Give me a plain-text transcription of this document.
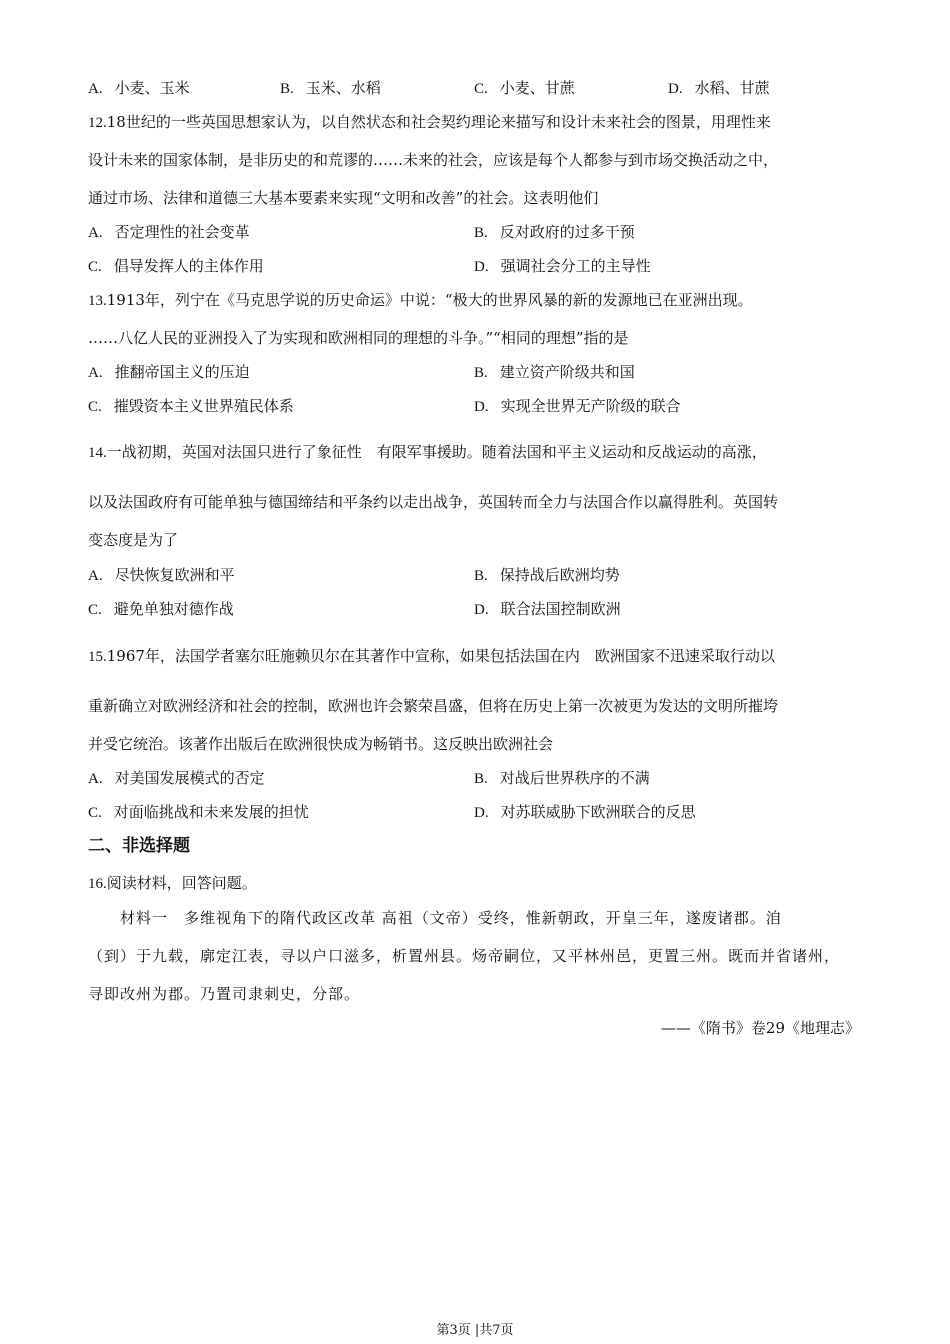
A. 小麦、玉米	B. 玉米、水稻	C. 小麦、甘蔗	D. 水稻、甘蔗
12.18世纪的一些英国思想家认为，以自然状态和社会契约理论来描写和设计未来社会的图景，用理性来
设计未来的国家体制，是非历史的和荒谬的……未来的社会，应该是每个人都参与到市场交换活动之中，
通过市场、法律和道德三大基本要素来实现“文明和改善”的社会。这表明他们
A. 否定理性的社会变革	B. 反对政府的过多干预
C. 倡导发挥人的主体作用	D. 强调社会分工的主导性
13.1913年，列宁在《马克思学说的历史命运》中说：“极大的世界风暴的新的发源地已在亚洲出现。
……八亿人民的亚洲投入了为实现和欧洲相同的理想的斗争。”“相同的理想”指的是
A. 推翻帝国主义的压迫	B. 建立资产阶级共和国
C. 摧毁资本主义世界殖民体系	D. 实现全世界无产阶级的联合
14.一战初期，英国对法国只进行了象征性　有限军事援助。随着法国和平主义运动和反战运动的高涨，
以及法国政府有可能单独与德国缔结和平条约以走出战争，英国转而全力与法国合作以赢得胜利。英国转
变态度是为了
A. 尽快恢复欧洲和平	B. 保持战后欧洲均势
C. 避免单独对德作战	D. 联合法国控制欧洲
15.1967年，法国学者塞尔旺施赖贝尔在其著作中宣称，如果包括法国在内　欧洲国家不迅速采取行动以
重新确立对欧洲经济和社会的控制，欧洲也许会繁荣昌盛，但将在历史上第一次被更为发达的文明所摧垮
并受它统治。该著作出版后在欧洲很快成为畅销书。这反映出欧洲社会
A. 对美国发展模式的否定	B. 对战后世界秩序的不满
C. 对面临挑战和未来发展的担忧	D. 对苏联威胁下欧洲联合的反思
二、非选择题
16.阅读材料，回答问题。
材料一　多维视角下的隋代政区改革 高祖（文帝）受终，惟新朝政，开皇三年，遂废诸郡。洎
（到）于九载，廓定江表，寻以户口滋多，析置州县。炀帝嗣位，又平林州邑，更置三州。既而并省诸州，
寻即改州为郡。乃置司隶刺史，分部。
——《隋书》卷29《地理志》
第3页 |共7页
